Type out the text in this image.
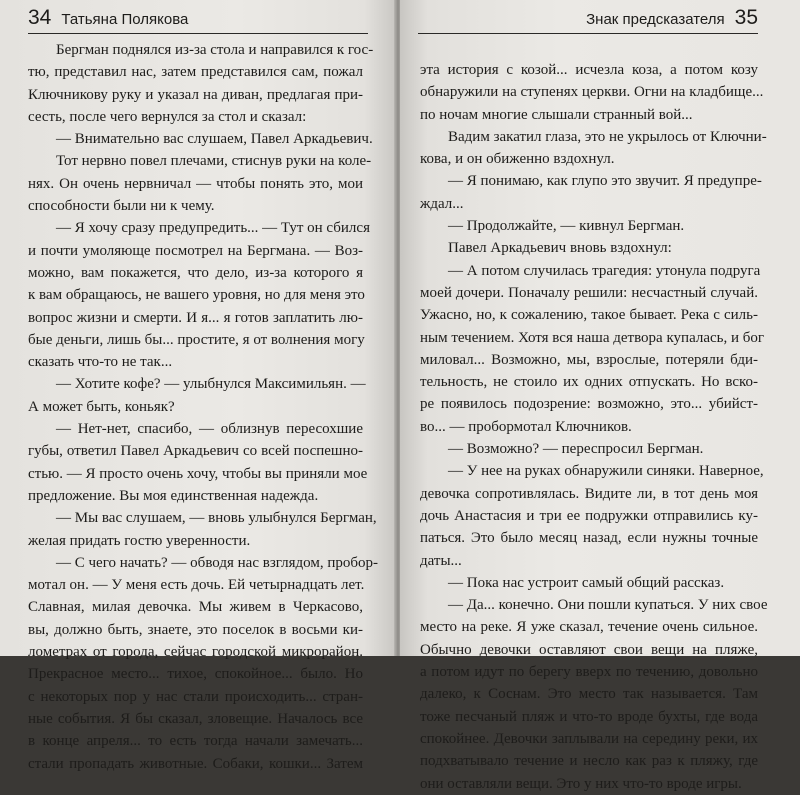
34 Татьяна Полякова
Бергман поднялся из-за стола и направился к гос-
тю, представил нас, затем представился сам, пожал
Ключникову руку и указал на диван, предлагая при-
сесть, после чего вернулся за стол и сказал:
— Внимательно вас слушаем, Павел Аркадьевич.
Тот нервно повел плечами, стиснув руки на коле-
нях. Он очень нервничал — чтобы понять это, мои
способности были ни к чему.
— Я хочу сразу предупредить... — Тут он сбился
и почти умоляюще посмотрел на Бергмана. — Воз-
можно, вам покажется, что дело, из-за которого я
к вам обращаюсь, не вашего уровня, но для меня это
вопрос жизни и смерти. И я... я готов заплатить лю-
бые деньги, лишь бы... простите, я от волнения могу
сказать что-то не так...
— Хотите кофе? — улыбнулся Максимильян. —
А может быть, коньяк?
— Нет-нет, спасибо, — облизнув пересохшие
губы, ответил Павел Аркадьевич со всей поспешно-
стью. — Я просто очень хочу, чтобы вы приняли мое
предложение. Вы моя единственная надежда.
— Мы вас слушаем, — вновь улыбнулся Бергман,
желая придать гостю уверенности.
— С чего начать? — обводя нас взглядом, пробор-
мотал он. — У меня есть дочь. Ей четырнадцать лет.
Славная, милая девочка. Мы живем в Черкасово,
вы, должно быть, знаете, это поселок в восьми ки-
лометрах от города, сейчас городской микрорайон.
Прекрасное место... тихое, спокойное... было. Но
с некоторых пор у нас стали происходить... стран-
ные события. Я бы сказал, зловещие. Началось все
в конце апреля... то есть тогда начали замечать...
стали пропадать животные. Собаки, кошки... Затем
Знак предсказателя 35
эта история с козой... исчезла коза, а потом козу
обнаружили на ступенях церкви. Огни на кладбище...
по ночам многие слышали странный вой...
Вадим закатил глаза, это не укрылось от Ключни-
кова, и он обиженно вздохнул.
— Я понимаю, как глупо это звучит. Я предупре-
ждал...
— Продолжайте, — кивнул Бергман.
Павел Аркадьевич вновь вздохнул:
— А потом случилась трагедия: утонула подруга
моей дочери. Поначалу решили: несчастный случай.
Ужасно, но, к сожалению, такое бывает. Река с силь-
ным течением. Хотя вся наша детвора купалась, и бог
миловал... Возможно, мы, взрослые, потеряли бди-
тельность, не стоило их одних отпускать. Но вско-
ре появилось подозрение: возможно, это... убийст-
во... — пробормотал Ключников.
— Возможно? — переспросил Бергман.
— У нее на руках обнаружили синяки. Наверное,
девочка сопротивлялась. Видите ли, в тот день моя
дочь Анастасия и три ее подружки отправились ку-
паться. Это было месяц назад, если нужны точные
даты...
— Пока нас устроит самый общий рассказ.
— Да... конечно. Они пошли купаться. У них свое
место на реке. Я уже сказал, течение очень сильное.
Обычно девочки оставляют свои вещи на пляже,
а потом идут по берегу вверх по течению, довольно
далеко, к Соснам. Это место так называется. Там
тоже песчаный пляж и что-то вроде бухты, где вода
спокойнее. Девочки заплывали на середину реки, их
подхватывало течение и несло как раз к пляжу, где
они оставляли вещи. Это у них что-то вроде игры.
